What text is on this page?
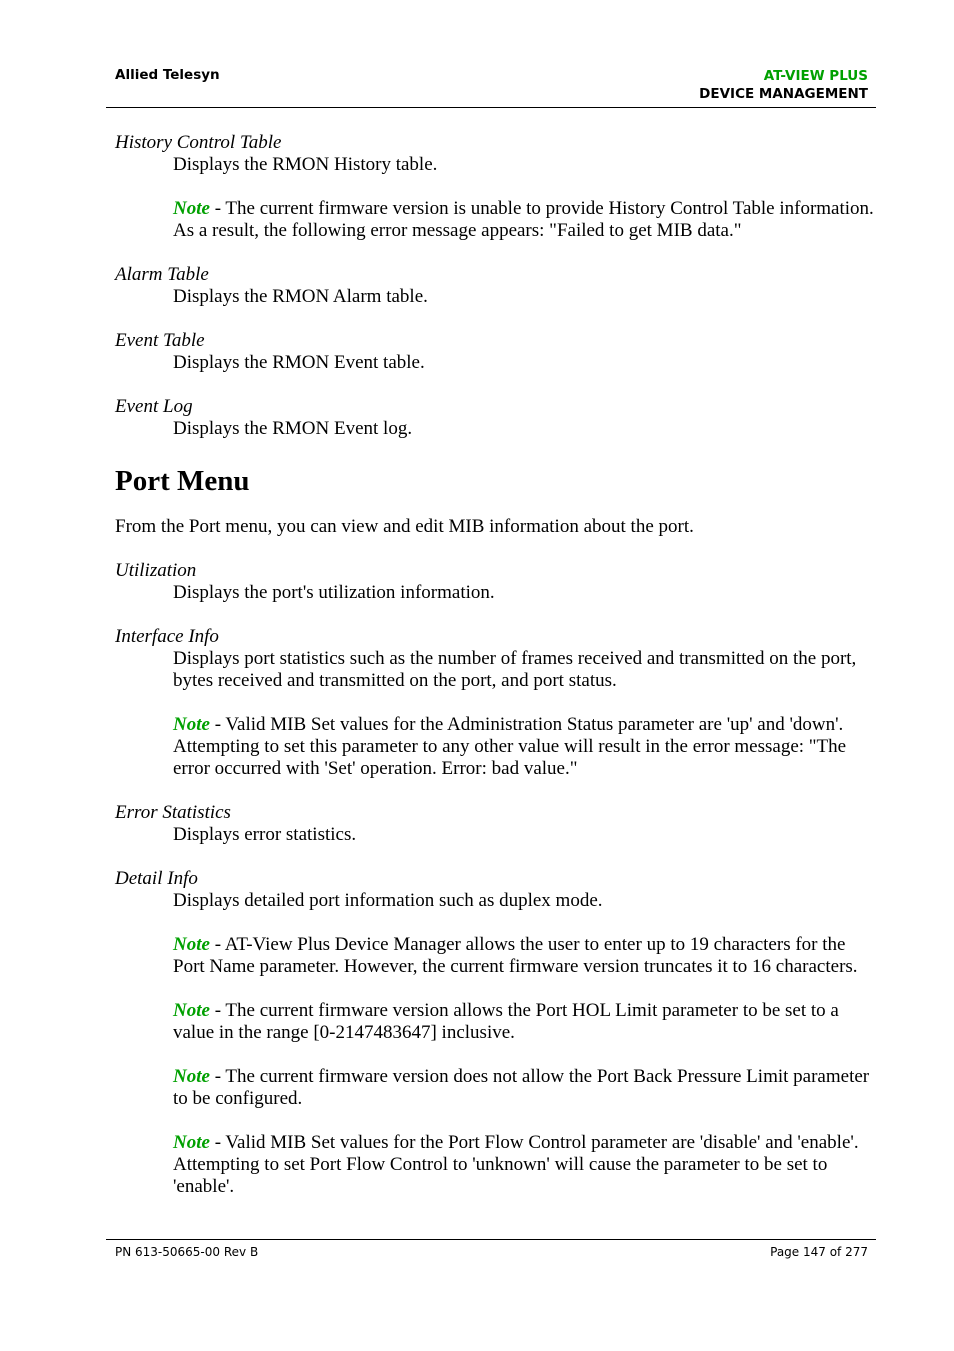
Allied Telesyn	AT-VIEW PLUS
DEVICE MANAGEMENT

History Control Table

Displays the RMON History table.

Note - The current firmware version is unable to provide History Control Table information. As a result, the following error message appears: "Failed to get MIB data."

Alarm Table

Displays the RMON Alarm table.

Event Table

Displays the RMON Event table.

Event Log

Displays the RMON Event log.

Port Menu

From the Port menu, you can view and edit MIB information about the port.

Utilization

Displays the port's utilization information.

Interface Info

Displays port statistics such as the number of frames received and transmitted on the port, bytes received and transmitted on the port, and port status.

Note - Valid MIB Set values for the Administration Status parameter are 'up' and 'down'. Attempting to set this parameter to any other value will result in the error message: "The error occurred with 'Set' operation. Error: bad value."

Error Statistics

Displays error statistics.

Detail Info

Displays detailed port information such as duplex mode.

Note - AT-View Plus Device Manager allows the user to enter up to 19 characters for the Port Name parameter. However, the current firmware version truncates it to 16 characters.

Note - The current firmware version allows the Port HOL Limit parameter to be set to a value in the range [0-2147483647] inclusive.

Note - The current firmware version does not allow the Port Back Pressure Limit parameter to be configured.

Note - Valid MIB Set values for the Port Flow Control parameter are 'disable' and 'enable'. Attempting to set Port Flow Control to 'unknown' will cause the parameter to be set to 'enable'.

PN 613-50665-00 Rev B	Page 147 of 277
